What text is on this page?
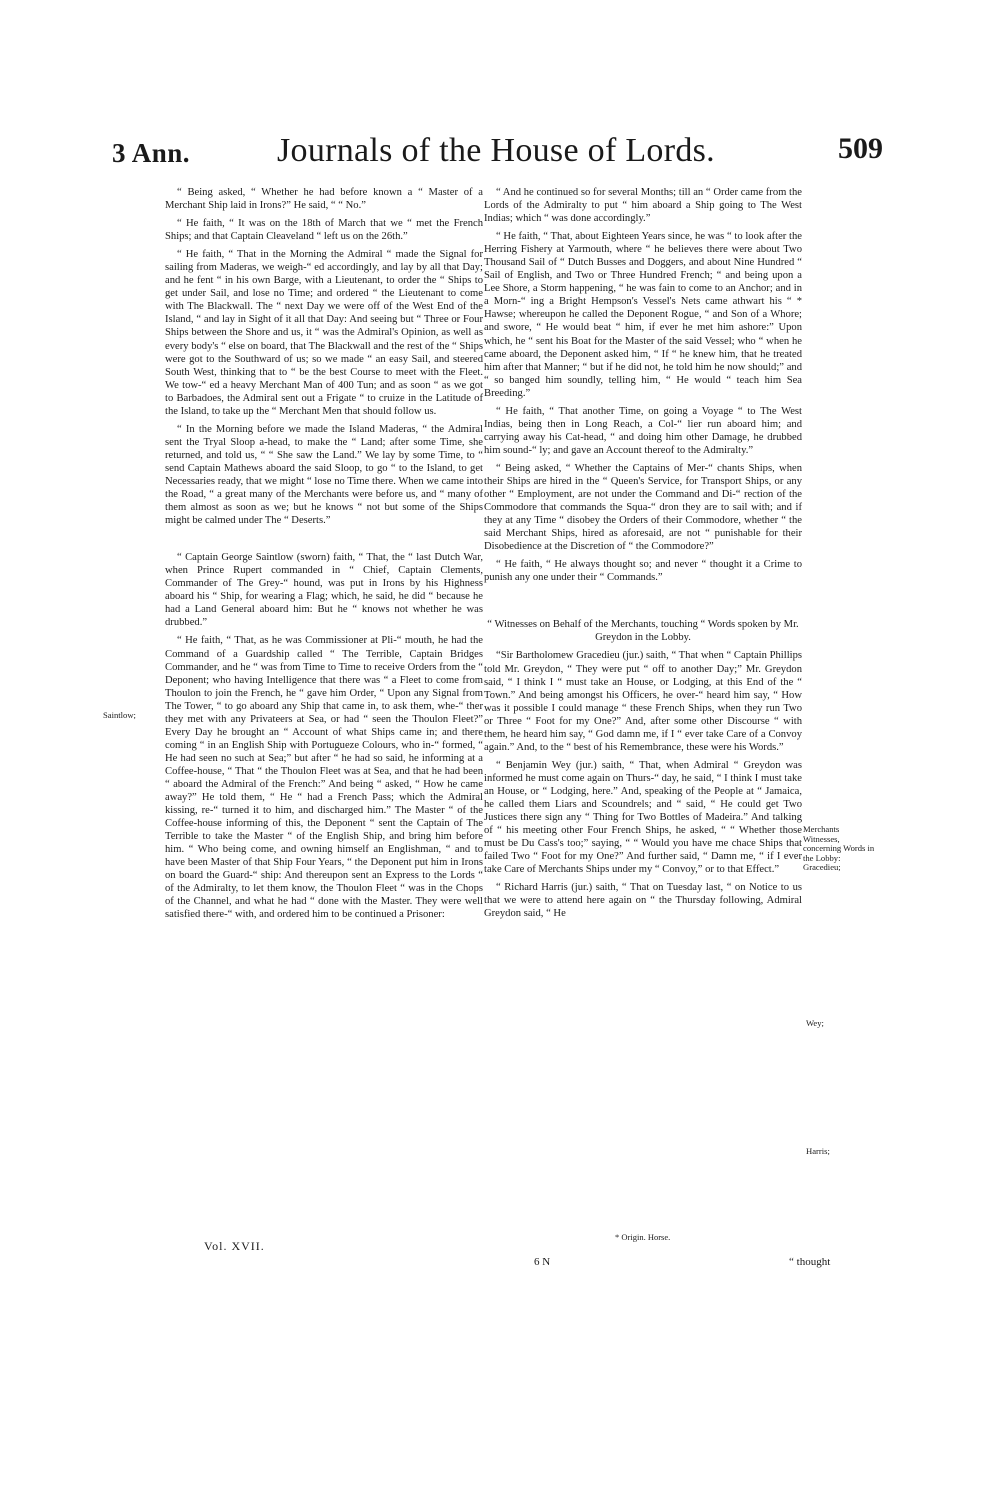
3 Ann.	Journals of the House of Lords.	509

“ Being asked, “ Whether he had before known a “ Master of a Merchant Ship laid in Irons?” He said, “ “ No.”

“ He faith, “ It was on the 18th of March that we “ met the French Ships; and that Captain Cleaveland “ left us on the 26th.”

“ He faith, “ That in the Morning the Admiral “ made the Signal for sailing from Maderas, we weigh-“ ed accordingly, and lay by all that Day; and he fent “ in his own Barge, with a Lieutenant, to order the “ Ships to get under Sail, and lose no Time; and ordered “ the Lieutenant to come with The Blackwall. The “ next Day we were off of the West End of the Island, “ and lay in Sight of it all that Day: And seeing but “ Three or Four Ships between the Shore and us, it “ was the Admiral's Opinion, as well as every body's “ else on board, that The Blackwall and the rest of the “ Ships were got to the Southward of us; so we made “ an easy Sail, and steered South West, thinking that to “ be the best Course to meet with the Fleet. We tow-“ ed a heavy Merchant Man of 400 Tun; and as soon “ as we got to Barbadoes, the Admiral sent out a Frigate “ to cruize in the Latitude of the Island, to take up the “ Merchant Men that should follow us.

“ In the Morning before we made the Island Maderas, “ the Admiral sent the Tryal Sloop a-head, to make the “ Land; after some Time, she returned, and told us, “ “ She saw the Land.” We lay by some Time, to “ send Captain Mathews aboard the said Sloop, to go “ to the Island, to get Necessaries ready, that we might “ lose no Time there. When we came into the Road, “ a great many of the Merchants were before us, and “ many of them almost as soon as we; but he knows “ not but some of the Ships might be calmed under The “ Deserts.”

“ Captain George Saintlow (sworn) faith, “ That, the “ last Dutch War, when Prince Rupert commanded in “ Chief, Captain Clements, Commander of The Grey-“ hound, was put in Irons by his Highness aboard his “ Ship, for wearing a Flag; which, he said, he did “ because he had a Land General aboard him: But he “ knows not whether he was drubbed.”

“ He faith, “ That, as he was Commissioner at Pli-“ mouth, he had the Command of a Guardship called “ The Terrible, Captain Bridges Commander, and he “ was from Time to Time to receive Orders from the “ Deponent; who having Intelligence that there was “ a Fleet to come from Thoulon to join the French, he “ gave him Order, “ Upon any Signal from The Tower, “ to go aboard any Ship that came in, to ask them, whe-“ ther they met with any Privateers at Sea, or had “ seen the Thoulon Fleet?” Every Day he brought an “ Account of what Ships came in; and there coming “ in an English Ship with Portugueze Colours, who in-“ formed, “ He had seen no such at Sea;” but after “ he had so said, he informing at a Coffee-house, “ That “ the Thoulon Fleet was at Sea, and that he had been “ aboard the Admiral of the French:” And being “ asked, “ How he came away?” He told them, “ He “ had a French Pass; which the Admiral kissing, re-“ turned it to him, and discharged him.” The Master “ of the Coffee-house informing of this, the Deponent “ sent the Captain of The Terrible to take the Master “ of the English Ship, and bring him before him. “ Who being come, and owning himself an Englishman, “ and to have been Master of that Ship Four Years, “ the Deponent put him in Irons on board the Guard-“ ship: And thereupon sent an Express to the Lords “ of the Admiralty, to let them know, the Thoulon Fleet “ was in the Chops of the Channel, and what he had “ done with the Master. They were well satisfied there-“ with, and ordered him to be continued a Prisoner:

“ And he continued so for several Months; till an “ Order came from the Lords of the Admiralty to put “ him aboard a Ship going to The West Indias; which “ was done accordingly.”

“ He faith, “ That, about Eighteen Years since, he was “ to look after the Herring Fishery at Yarmouth, where “ he believes there were about Two Thousand Sail of “ Dutch Busses and Doggers, and about Nine Hundred “ Sail of English, and Two or Three Hundred French; “ and being upon a Lee Shore, a Storm happening, “ he was fain to come to an Anchor; and in a Morn-“ ing a Bright Hempson's Vessel's Nets came athwart his “ * Hawse; whereupon he called the Deponent Rogue, “ and Son of a Whore; and swore, “ He would beat “ him, if ever he met him ashore:” Upon which, he “ sent his Boat for the Master of the said Vessel; who “ when he came aboard, the Deponent asked him, “ If “ he knew him, that he treated him after that Manner; “ but if he did not, he told him he now should;” and “ so banged him soundly, telling him, “ He would “ teach him Sea Breeding.”

“ He faith, “ That another Time, on going a Voyage “ to The West Indias, being then in Long Reach, a Col-“ lier run aboard him; and carrying away his Cat-head, “ and doing him other Damage, he drubbed him sound-“ ly; and gave an Account thereof to the Admiralty.”

“ Being asked, “ Whether the Captains of Mer-“ chants Ships, when their Ships are hired in the “ Queen's Service, for Transport Ships, or any other “ Employment, are not under the Command and Di-“ rection of the Commodore that commands the Squa-“ dron they are to sail with; and if they at any Time “ disobey the Orders of their Commodore, whether “ the said Merchant Ships, hired as aforesaid, are not “ punishable for their Disobedience at the Discretion of “ the Commodore?”

“ He faith, “ He always thought so; and never “ thought it a Crime to punish any one under their “ Commands.”

“ Witnesses on Behalf of the Merchants, touching “ Words spoken by Mr. Greydon in the Lobby.

“Sir Bartholomew Gracedieu (jur.) saith, “ That when “ Captain Phillips told Mr. Greydon, “ They were put “ off to another Day;” Mr. Greydon said, “ I think I “ must take an House, or Lodging, at this End of the “ Town.” And being amongst his Officers, he over-“ heard him say, “ How was it possible I could manage “ these French Ships, when they run Two or Three “ Foot for my One?” And, after some other Discourse “ with them, he heard him say, “ God damn me, if I “ ever take Care of a Convoy again.” And, to the “ best of his Remembrance, these were his Words.”

“ Benjamin Wey (jur.) saith, “ That, when Admiral “ Greydon was informed he must come again on Thurs-“ day, he said, “ I think I must take an House, or “ Lodging, here.” And, speaking of the People at “ Jamaica, he called them Liars and Scoundrels; and “ said, “ He could get Two Justices there sign any “ Thing for Two Bottles of Madeira.” And talking of “ his meeting other Four French Ships, he asked, “ “ Whether those must be Du Cass's too;” saying, “ “ Would you have me chace Ships that failed Two “ Foot for my One?” And further said, “ Damn me, “ if I ever take Care of Merchants Ships under my “ Convoy,” or to that Effect.”

“ Richard Harris (jur.) saith, “ That on Tuesday last, “ on Notice to us that we were to attend here again on “ the Thursday following, Admiral Greydon said, “ He

Saintlow;
Merchants Witnesses, concerning Words in the Lobby: Gracedieu;
Wey;
Harris;
Vol. XVII.
* Origin. Horse.
6 N	“ thought
